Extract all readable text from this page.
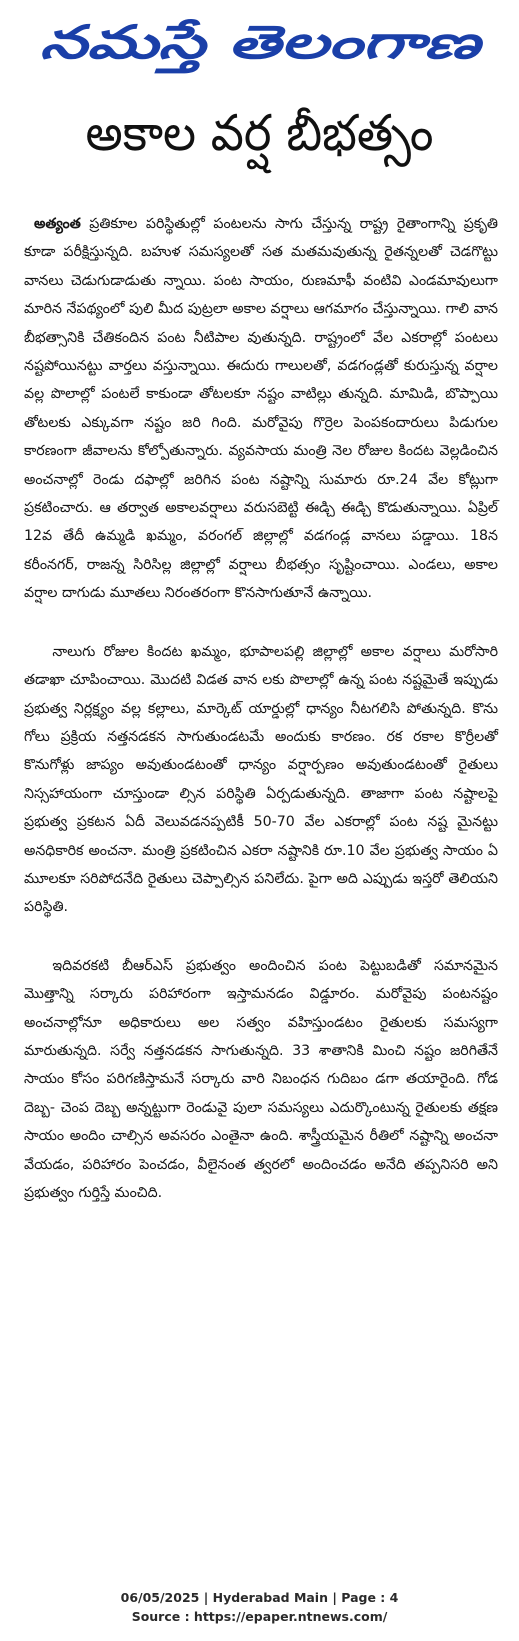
నమస్తే తెలంగాణ
అకాల వర్ష బీభత్సం

అత్యంత ప్రతికూల పరిస్థితుల్లో పంటలను సాగు చేస్తున్న రాష్ట్ర రైతాంగాన్ని ప్రకృతి కూడా పరీక్షిస్తున్నది. బహుళ సమస్యలతో సత మతమవుతున్న రైతన్నలతో చెడగొట్టు వానలు చెడుగుడాడుతు న్నాయి. పంట సాయం, రుణమాఫీ వంటివి ఎండమావులుగా మారిన నేపథ్యంలో పులి మీద పుట్రలా అకాల వర్షాలు ఆగమాగం చేస్తున్నాయి. గాలి వాన బీభత్సానికి చేతికందిన పంట నీటిపాల వుతున్నది. రాష్ట్రంలో వేల ఎకరాల్లో పంటలు నష్టపోయినట్టు వార్తలు వస్తున్నాయి. ఈదురు గాలులతో, వడగండ్లతో కురుస్తున్న వర్షాల వల్ల పొలాల్లో పంటలే కాకుండా తోటలకూ నష్టం వాటిల్లు తున్నది. మామిడి, బొప్పాయి తోటలకు ఎక్కువగా నష్టం జరి గింది. మరోవైపు గొర్రెల పెంపకందారులు పిడుగుల కారణంగా జీవాలను కోల్పోతున్నారు. వ్యవసాయ మంత్రి నెల రోజుల కిందట వెల్లడించిన అంచనాల్లో రెండు దఫాల్లో జరిగిన పంట నష్టాన్ని సుమారు రూ.24 వేల కోట్లుగా ప్రకటించారు. ఆ తర్వాత అకాలవర్షాలు వరుసబెట్టి ఈడ్చి ఈడ్చి కొడుతున్నాయి. ఏప్రిల్ 12వ తేదీ ఉమ్మడి ఖమ్మం, వరంగల్ జిల్లాల్లో వడగండ్ల వానలు పడ్డాయి. 18న కరీంనగర్, రాజన్న సిరిసిల్ల జిల్లాల్లో వర్షాలు బీభత్సం సృష్టించాయి. ఎండలు, అకాల వర్షాల దాగుడు మూతలు నిరంతరంగా కొనసాగుతూనే ఉన్నాయి.

నాలుగు రోజుల కిందట ఖమ్మం, భూపాలపల్లి జిల్లాల్లో అకాల వర్షాలు మరోసారి తడాఖా చూపించాయి. మొదటి విడత వాన లకు పొలాల్లో ఉన్న పంట నష్టమైతే ఇప్పుడు ప్రభుత్వ నిర్లక్ష్యం వల్ల కల్లాలు, మార్కెట్ యార్డుల్లో ధాన్యం నీటగలిసి పోతున్నది. కొను గోలు ప్రక్రియ నత్తనడకన సాగుతుండటమే అందుకు కారణం. రక రకాల కొర్రీలతో కొనుగోళ్లు జాప్యం అవుతుండటంతో ధాన్యం వర్షార్పణం అవుతుండటంతో రైతులు నిస్సహాయంగా చూస్తుండా ల్సిన పరిస్థితి ఏర్పడుతున్నది. తాజాగా పంట నష్టాలపై ప్రభుత్వ ప్రకటన ఏదీ వెలువడనప్పటికీ 50-70 వేల ఎకరాల్లో పంట నష్ట మైనట్టు అనధికారిక అంచనా. మంత్రి ప్రకటించిన ఎకరా నష్టానికి రూ.10 వేల ప్రభుత్వ సాయం ఏ మూలకూ సరిపోదనేది రైతులు చెప్పాల్సిన పనిలేదు. పైగా అది ఎప్పుడు ఇస్తరో తెలియని పరిస్థితి.

ఇదివరకటి బీఆర్ఎస్ ప్రభుత్వం అందించిన పంట పెట్టుబడితో సమానమైన మొత్తాన్ని సర్కారు పరిహారంగా ఇస్తామనడం విడ్డూరం. మరోవైపు పంటనష్టం అంచనాల్లోనూ అధికారులు అల సత్వం వహిస్తుండటం రైతులకు సమస్యగా మారుతున్నది. సర్వే నత్తనడకన సాగుతున్నది. 33 శాతానికి మించి నష్టం జరిగితేనే సాయం కోసం పరిగణిస్తామనే సర్కారు వారి నిబంధన గుదిబం డగా తయారైంది. గోడ దెబ్బ- చెంప దెబ్బ అన్నట్టుగా రెండువై పులా సమస్యలు ఎదుర్కొంటున్న రైతులకు తక్షణ సాయం అందిం చాల్సిన అవసరం ఎంతైనా ఉంది. శాస్త్రీయమైన రీతిలో నష్టాన్ని అంచనా వేయడం, పరిహారం పెంచడం, వీలైనంత త్వరలో అందించడం అనేది తప్పనిసరి అని ప్రభుత్వం గుర్తిస్తే మంచిది.

06/05/2025 | Hyderabad Main | Page : 4
Source : https://epaper.ntnews.com/
